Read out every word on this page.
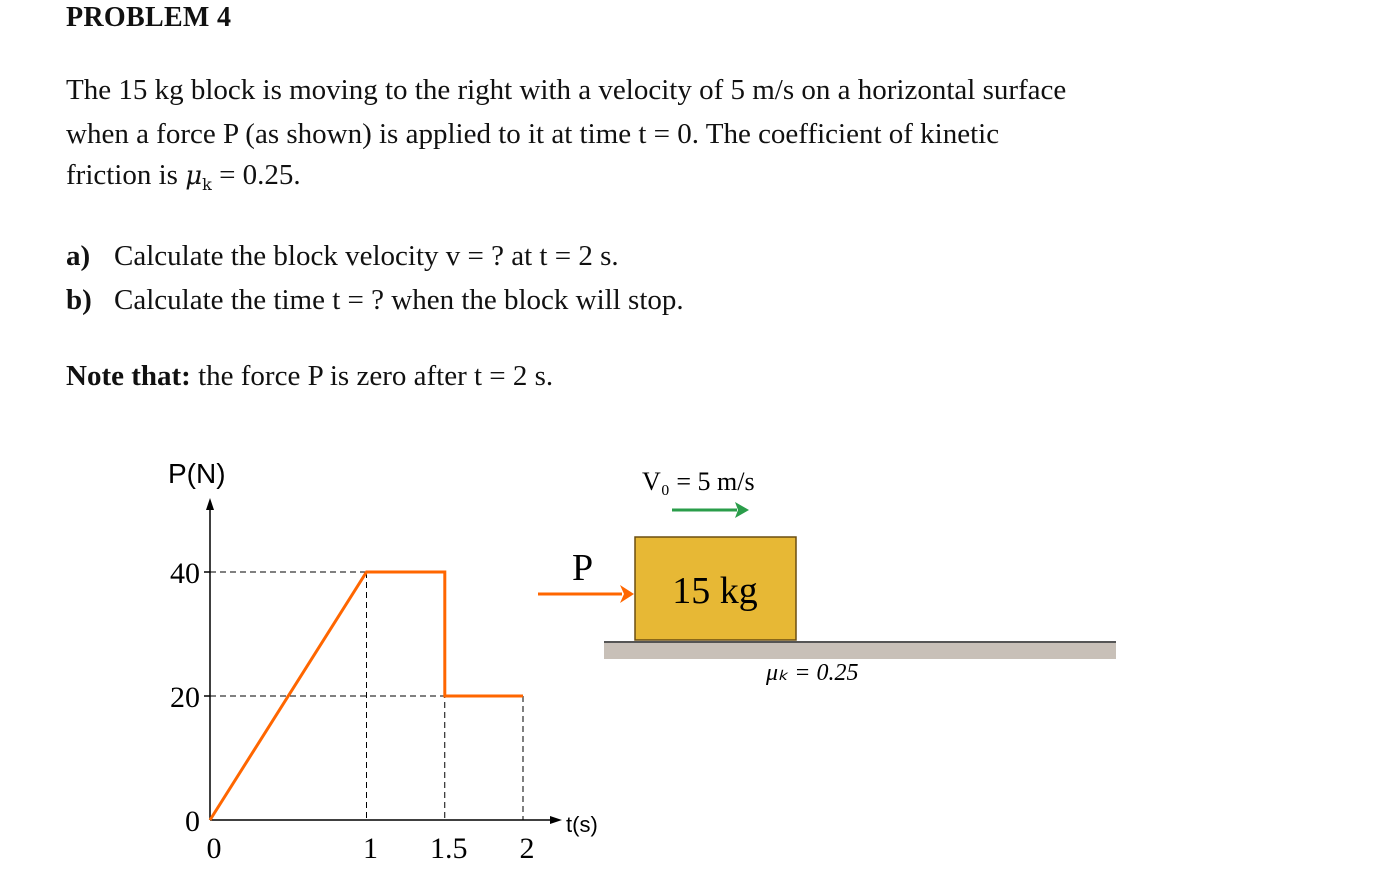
PROBLEM 4
The 15 kg block is moving to the right with a velocity of 5 m/s on a horizontal surface
when a force P (as shown) is applied to it at time t = 0. The coefficient of kinetic
friction is $\mu_k = 0.25$.
a) Calculate the block velocity v = ? at t = 2 s.
b) Calculate the time t = ? when the block will stop.
Note that: the force P is zero after t = 2 s.
P(N)
t(s)
0
20
40
0	1 1.5 2
P
15 kg
V₀ = 5 m/s
μₖ = 0.25
